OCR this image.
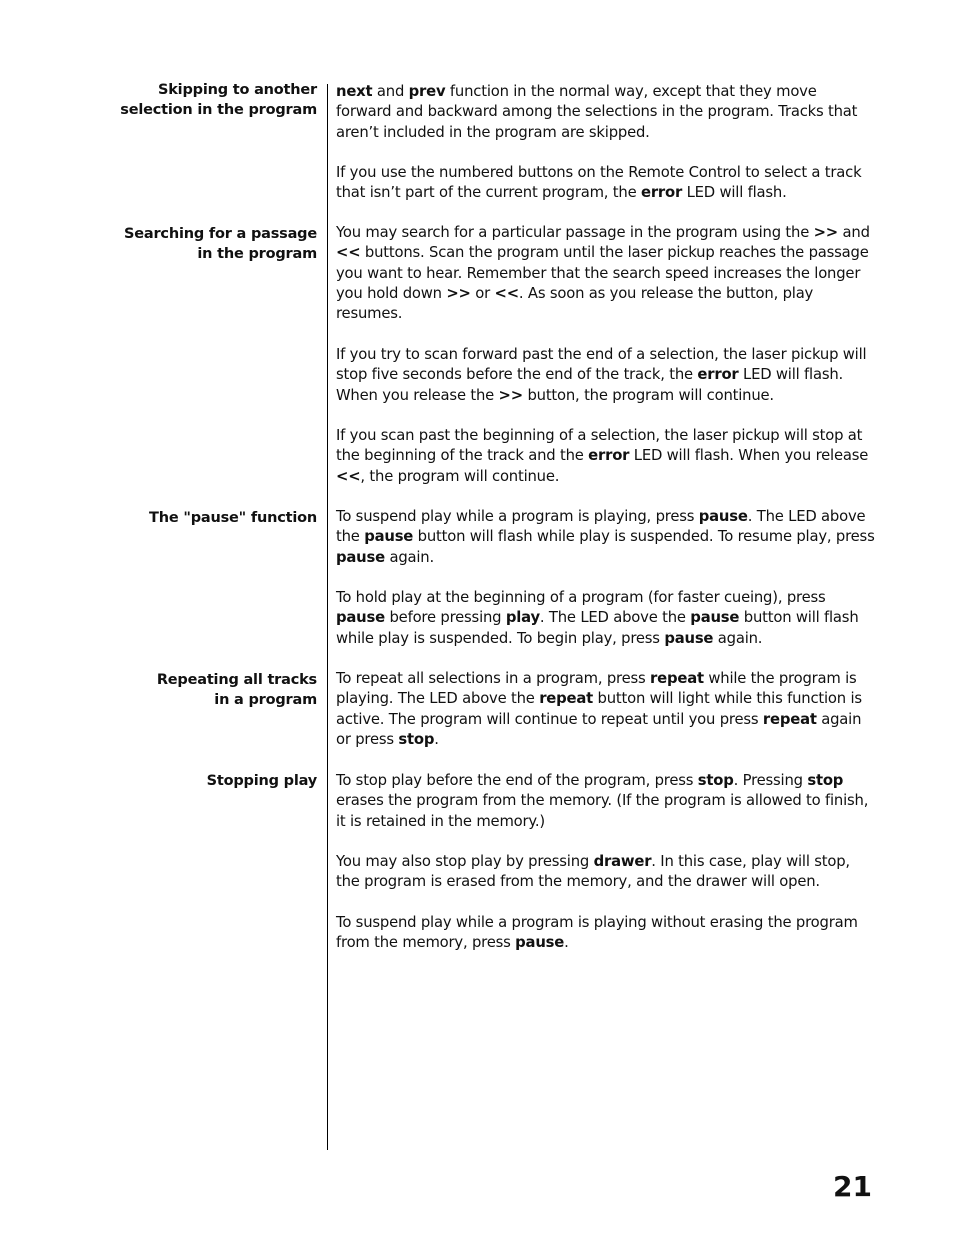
Skipping to another
selection in the program
Searching for a passage
in the program
The "pause" function
Repeating all tracks
in a program
Stopping play

next and prev function in the normal way, except that they move forward and backward among the selections in the program. Tracks that aren’t included in the program are skipped.

If you use the numbered buttons on the Remote Control to select a track that isn’t part of the current program, the error LED will flash.

You may search for a particular passage in the program using the >> and << buttons. Scan the program until the laser pickup reaches the passage you want to hear. Remember that the search speed increases the longer you hold down >> or <<. As soon as you release the button, play resumes.

If you try to scan forward past the end of a selection, the laser pickup will stop five seconds before the end of the track, the error LED will flash. When you release the >> button, the program will continue.

If you scan past the beginning of a selection, the laser pickup will stop at the beginning of the track and the error LED will flash. When you release <<, the program will continue.

To suspend play while a program is playing, press pause. The LED above the pause button will flash while play is suspended. To resume play, press pause again.

To hold play at the beginning of a program (for faster cueing), press pause before pressing play. The LED above the pause button will flash while play is suspended. To begin play, press pause again.

To repeat all selections in a program, press repeat while the program is playing. The LED above the repeat button will light while this function is active. The program will continue to repeat until you press repeat again or press stop.

To stop play before the end of the program, press stop. Pressing stop erases the program from the memory. (If the program is allowed to finish, it is retained in the memory.)

You may also stop play by pressing drawer. In this case, play will stop, the program is erased from the memory, and the drawer will open.

To suspend play while a program is playing without erasing the program from the memory, press pause.

21
